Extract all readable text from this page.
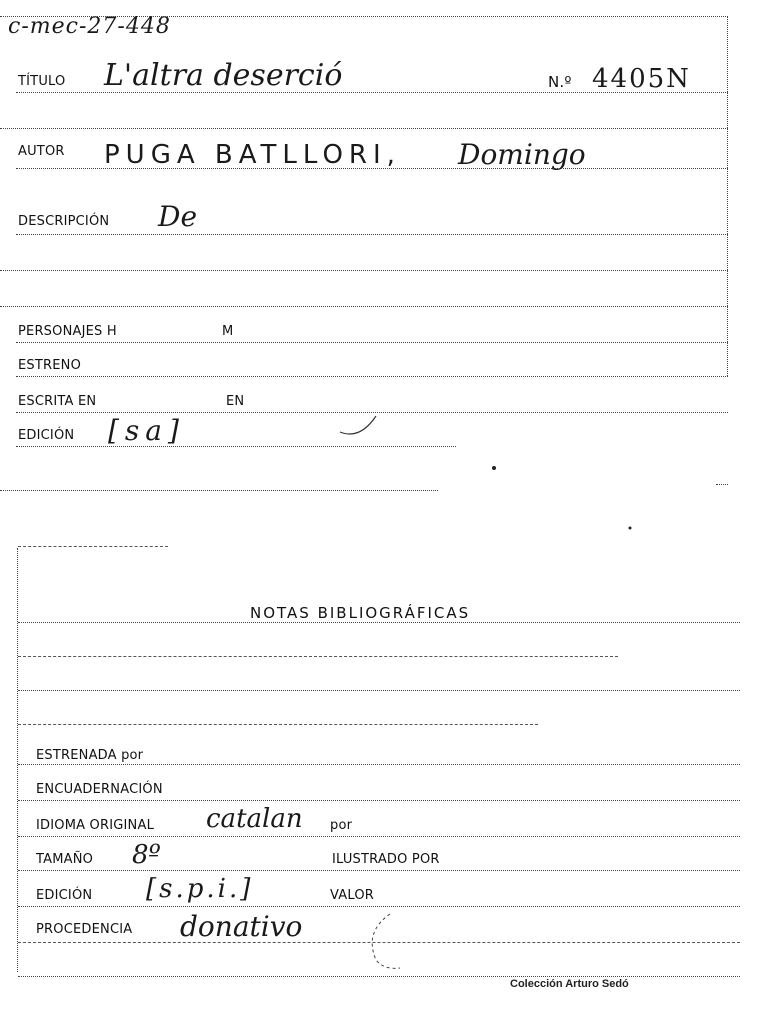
c-mec-27-448
TÍTULO L'altra deserció	N.º 4405N
AUTOR PUGA BATLLORI, Domingo
DESCRIPCIÓN De
PERSONAJES H	M
ESTRENO
ESCRITA EN	EN
EDICIÓN [sa]
NOTAS BIBLIOGRÁFICAS
ESTRENADA por
ENCUADERNACIÓN
IDIOMA ORIGINAL catalan por
TAMAÑO 8º	ILUSTRADO POR
EDICIÓN [s.p.i.]	VALOR
PROCEDENCIA donativo
Colección Arturo Sedó
